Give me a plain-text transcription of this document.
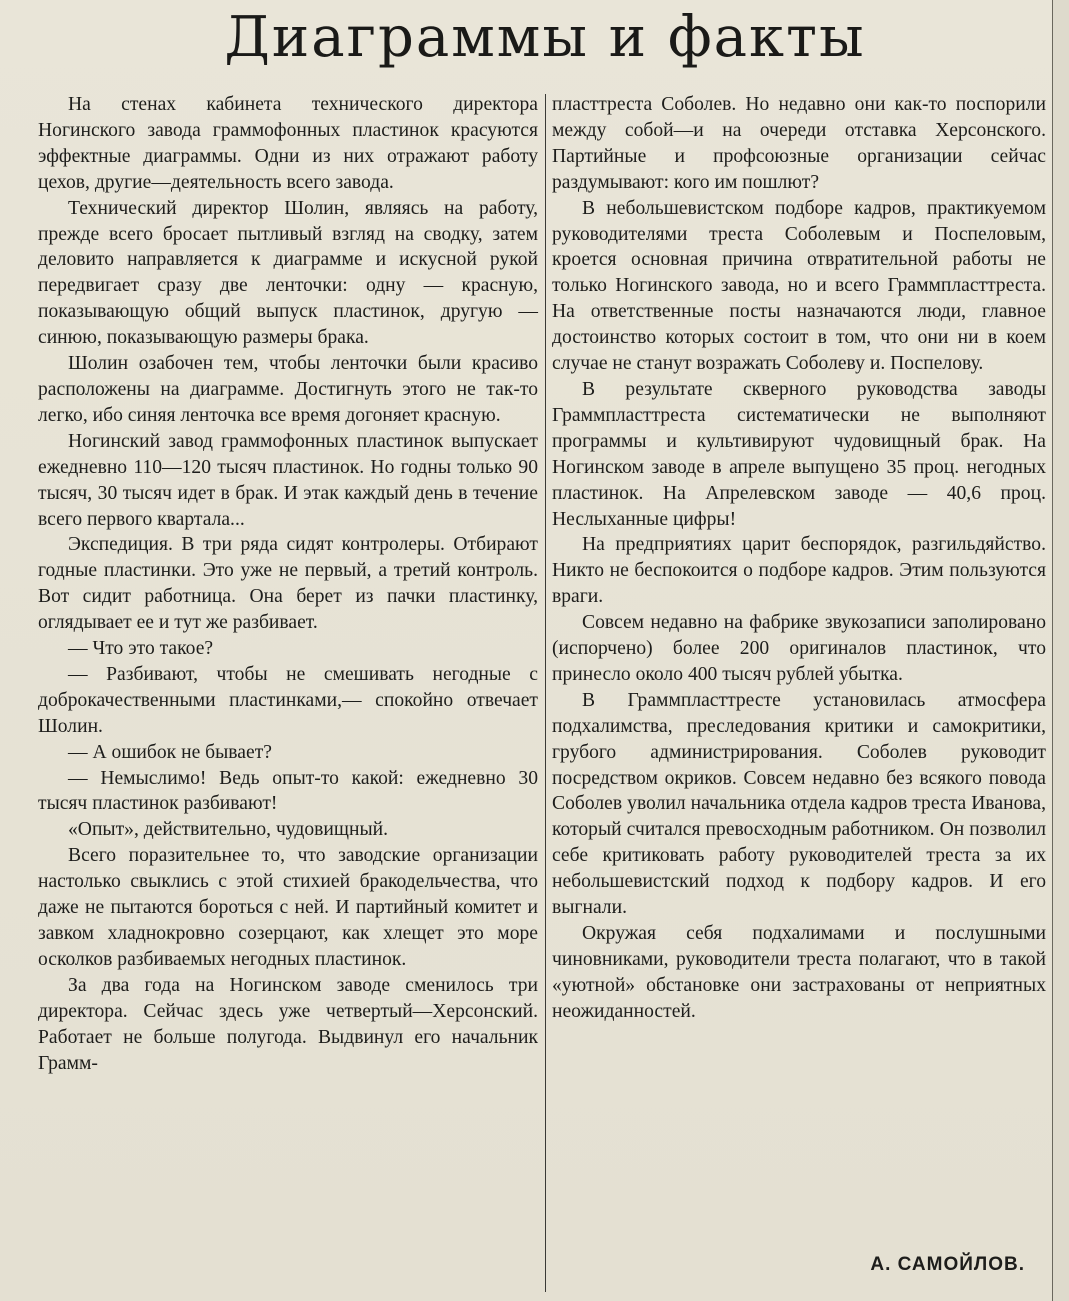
Диаграммы и факты

На стенах кабинета технического директора Ногинского завода граммофонных пластинок красуются эффектные диаграммы. Одни из них отражают работу цехов, другие—деятельность всего завода.

Технический директор Шолин, являясь на работу, прежде всего бросает пытливый взгляд на сводку, затем деловито направляется к диаграмме и искусной рукой передвигает сразу две ленточки: одну — красную, показывающую общий выпуск пластинок, другую — синюю, показывающую размеры брака.

Шолин озабочен тем, чтобы ленточки были красиво расположены на диаграмме. Достигнуть этого не так-то легко, ибо синяя ленточка все время догоняет красную.

Ногинский завод граммофонных пластинок выпускает ежедневно 110—120 тысяч пластинок. Но годны только 90 тысяч, 30 тысяч идет в брак. И этак каждый день в течение всего первого квартала...

Экспедиция. В три ряда сидят контролеры. Отбирают годные пластинки. Это уже не первый, а третий контроль. Вот сидит работница. Она берет из пачки пластинку, оглядывает ее и тут же разбивает.

— Что это такое?

— Разбивают, чтобы не смешивать негодные с доброкачественными пластинками,— спокойно отвечает Шолин.

— А ошибок не бывает?

— Немыслимо! Ведь опыт-то какой: ежедневно 30 тысяч пластинок разбивают!

«Опыт», действительно, чудовищный.

Всего поразительнее то, что заводские организации настолько свыклись с этой стихией бракодельчества, что даже не пытаются бороться с ней. И партийный комитет и завком хладнокровно созерцают, как хлещет это море осколков разбиваемых негодных пластинок.

За два года на Ногинском заводе сменилось три директора. Сейчас здесь уже четвертый—Херсонский. Работает не больше полугода. Выдвинул его начальник Грамм-

пласттреста Соболев. Но недавно они как-то поспорили между собой—и на очереди отставка Херсонского. Партийные и профсоюзные организации сейчас раздумывают: кого им пошлют?

В небольшевистском подборе кадров, практикуемом руководителями треста Соболевым и Поспеловым, кроется основная причина отвратительной работы не только Ногинского завода, но и всего Граммпласттреста. На ответственные посты назначаются люди, главное достоинство которых состоит в том, что они ни в коем случае не станут возражать Соболеву и. Поспелову.

В результате скверного руководства заводы Граммпласттреста систематически не выполняют программы и культивируют чудовищный брак. На Ногинском заводе в апреле выпущено 35 проц. негодных пластинок. На Апрелевском заводе — 40,6 проц. Неслыханные цифры!

На предприятиях царит беспорядок, разгильдяйство. Никто не беспокоится о подборе кадров. Этим пользуются враги.

Совсем недавно на фабрике звукозаписи заполировано (испорчено) более 200 оригиналов пластинок, что принесло около 400 тысяч рублей убытка.

В Граммпласттресте установилась атмосфера подхалимства, преследования критики и самокритики, грубого администрирования. Соболев руководит посредством окриков. Совсем недавно без всякого повода Соболев уволил начальника отдела кадров треста Иванова, который считался превосходным работником. Он позволил себе критиковать работу руководителей треста за их небольшевистский подход к подбору кадров. И его выгнали.

Окружая себя подхалимами и послушными чиновниками, руководители треста полагают, что в такой «уютной» обстановке они застрахованы от неприятных неожиданностей.

А. САМОЙЛОВ.
